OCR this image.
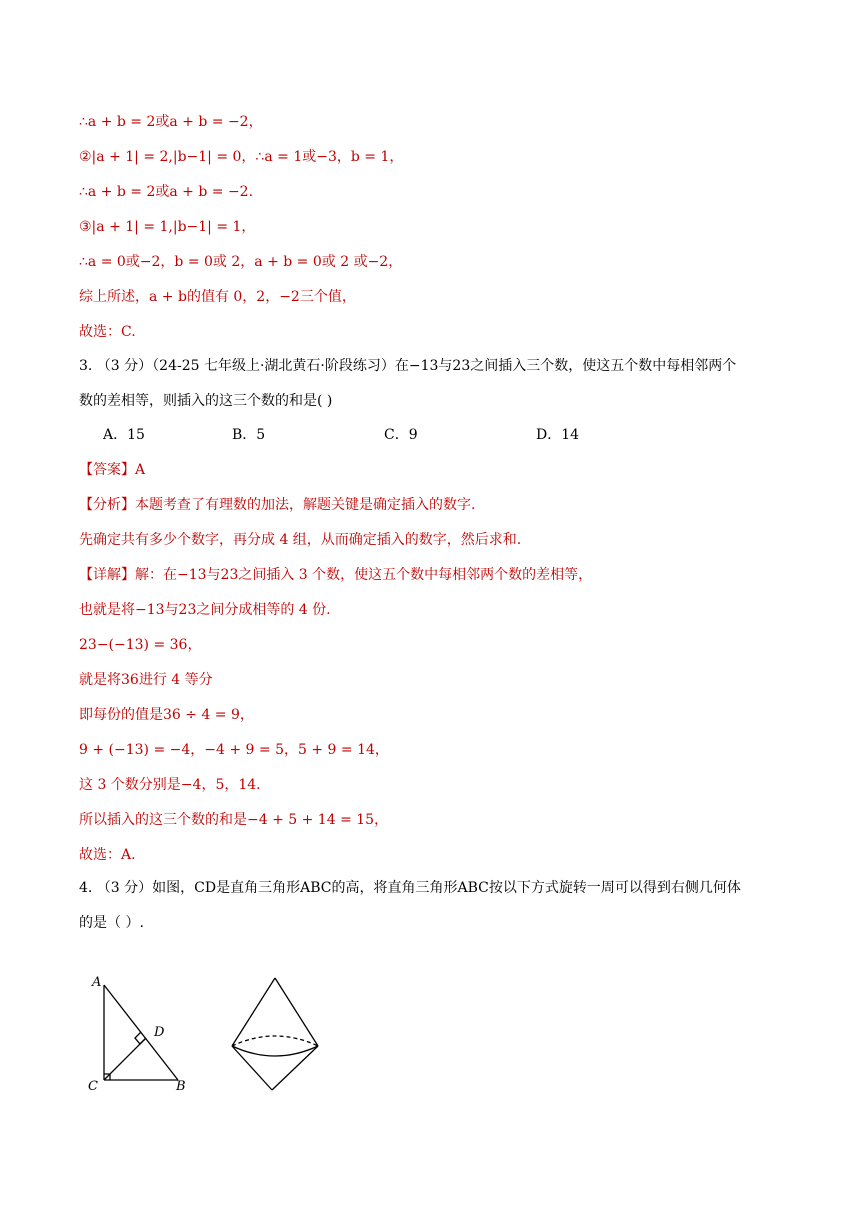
∴a + b = 2或a + b = −2，
②|a + 1| = 2,|b−1| = 0，∴a = 1或−3，b = 1，
∴a + b = 2或a + b = −2.
③|a + 1| = 1,|b−1| = 1，
∴a = 0或−2，b = 0或 2，a + b = 0或 2 或−2，
综上所述，a + b的值有 0，2，−2三个值，
故选：C.
3. （3 分）（24-25 七年级上·湖北黄石·阶段练习）在−13与23之间插入三个数，使这五个数中每相邻两个
数的差相等，则插入的这三个数的和是( )
A．15	B．5	C．9	D．14
【答案】A
【分析】本题考查了有理数的加法，解题关键是确定插入的数字.
先确定共有多少个数字，再分成 4 组，从而确定插入的数字，然后求和.
【详解】解：在−13与23之间插入 3 个数，使这五个数中每相邻两个数的差相等，
也就是将−13与23之间分成相等的 4 份.
23−(−13) = 36，
就是将36进行 4 等分
即每份的值是36 ÷ 4 = 9，
9 + (−13) = −4，−4 + 9 = 5，5 + 9 = 14，
这 3 个数分别是−4，5，14.
所以插入的这三个数的和是−4 + 5 + 14 = 15，
故选：A.
4. （3 分）如图，CD是直角三角形ABC的高，将直角三角形ABC按以下方式旋转一周可以得到右侧几何体
的是（ ）.
A
D
C	B
